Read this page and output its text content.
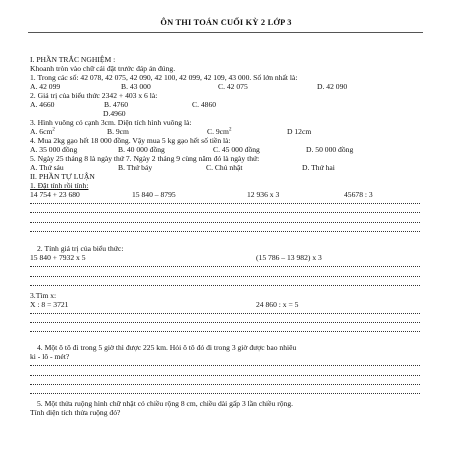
ÔN THI TOÁN CUỐI KỲ 2 LỚP 3
I. PHẦN TRẮC NGHIỆM :
Khoanh tròn vào chữ cái đặt trước đáp án đúng.
1. Trong các số: 42 078, 42 075, 42 090, 42 100, 42 099, 42 109, 43 000. Số lớn nhất là:
A. 42 099	B. 43 000	C. 42 075	D. 42 090
2. Giá trị của biểu thức 2342 + 403 x 6 là:
A. 4660	B. 4760	C. 4860
D.4960
3. Hình vuông có cạnh 3cm. Diện tích hình vuông là:
A. $6cm^2$	B. 9cm	C. $9cm^2$	D 12cm
4. Mua 2kg gạo hết 18 000 đồng. Vậy mua 5 kg gạo hết số tiền là:
A. 35 000 đồng	B. 40 000 đồng	C. 45 000 đồng	D. 50 000 đồng
5. Ngày 25 tháng 8 là ngày thứ 7. Ngày 2 tháng 9 cùng năm đó là ngày thứ:
A. Thứ sáu	B. Thứ bảy	C. Chủ nhật	D. Thứ hai
II. PHẦN TỰ LUẬN
1. Đặt tính rồi tính:
14 754 + 23 680	15 840 – 8795	12 936 x 3	45678 : 3
2. Tính giá trị của biểu thức:
15 840 + 7932 x 5	(15 786 – 13 982) x 3
3.Tìm x:
X : 8 = 3721	24 860 : x = 5
4. Một ô tô đi trong 5 giờ thì được 225 km. Hỏi ô tô đó đi trong 3 giờ được bao nhiêu
ki - lô - mét?
5. Một thửa ruộng hình chữ nhật có chiều rộng 8 cm, chiều dài gấp 3 lần chiều rộng.
Tính diện tích thửa ruộng đó?
